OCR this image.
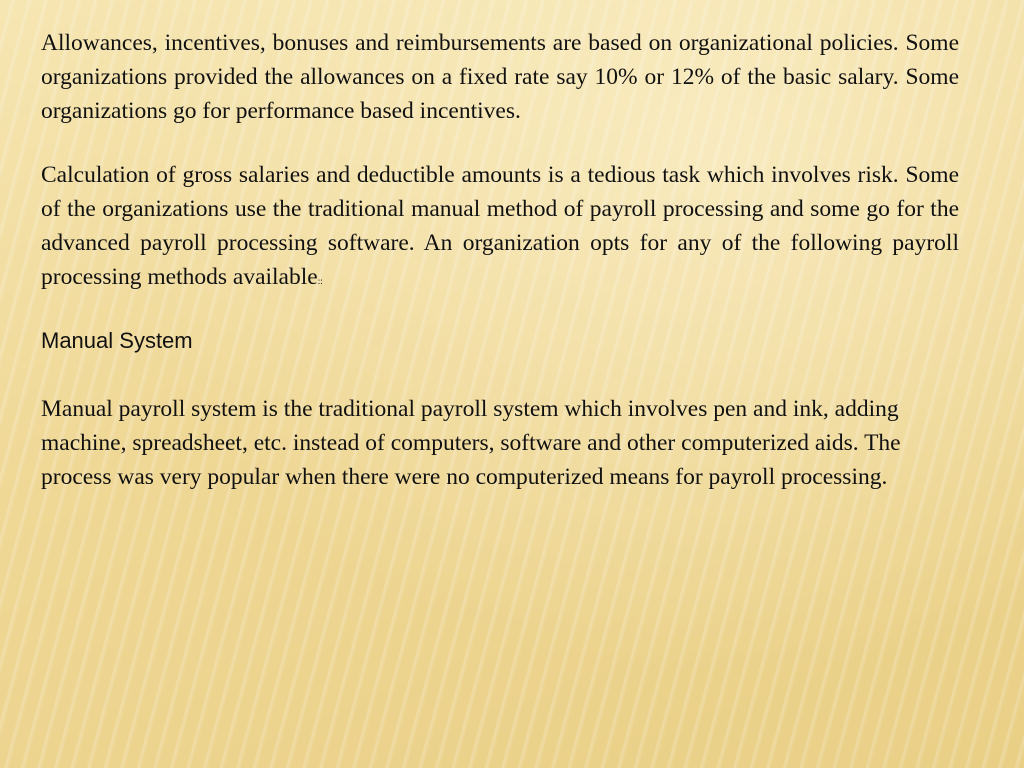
Allowances, incentives, bonuses and reimbursements are based on organizational policies. Some organizations provided the allowances on a fixed rate say 10% or 12% of the basic salary. Some organizations go for performance based incentives.

Calculation of gross salaries and deductible amounts is a tedious task which involves risk. Some of the organizations use the traditional manual method of payroll processing and some go for the advanced payroll processing software. An organization opts for any of the following payroll processing methods available::

Manual System

Manual payroll system is the traditional payroll system which involves pen and ink, adding machine, spreadsheet, etc. instead of computers, software and other computerized aids. The process was very popular when there were no computerized means for payroll processing.
